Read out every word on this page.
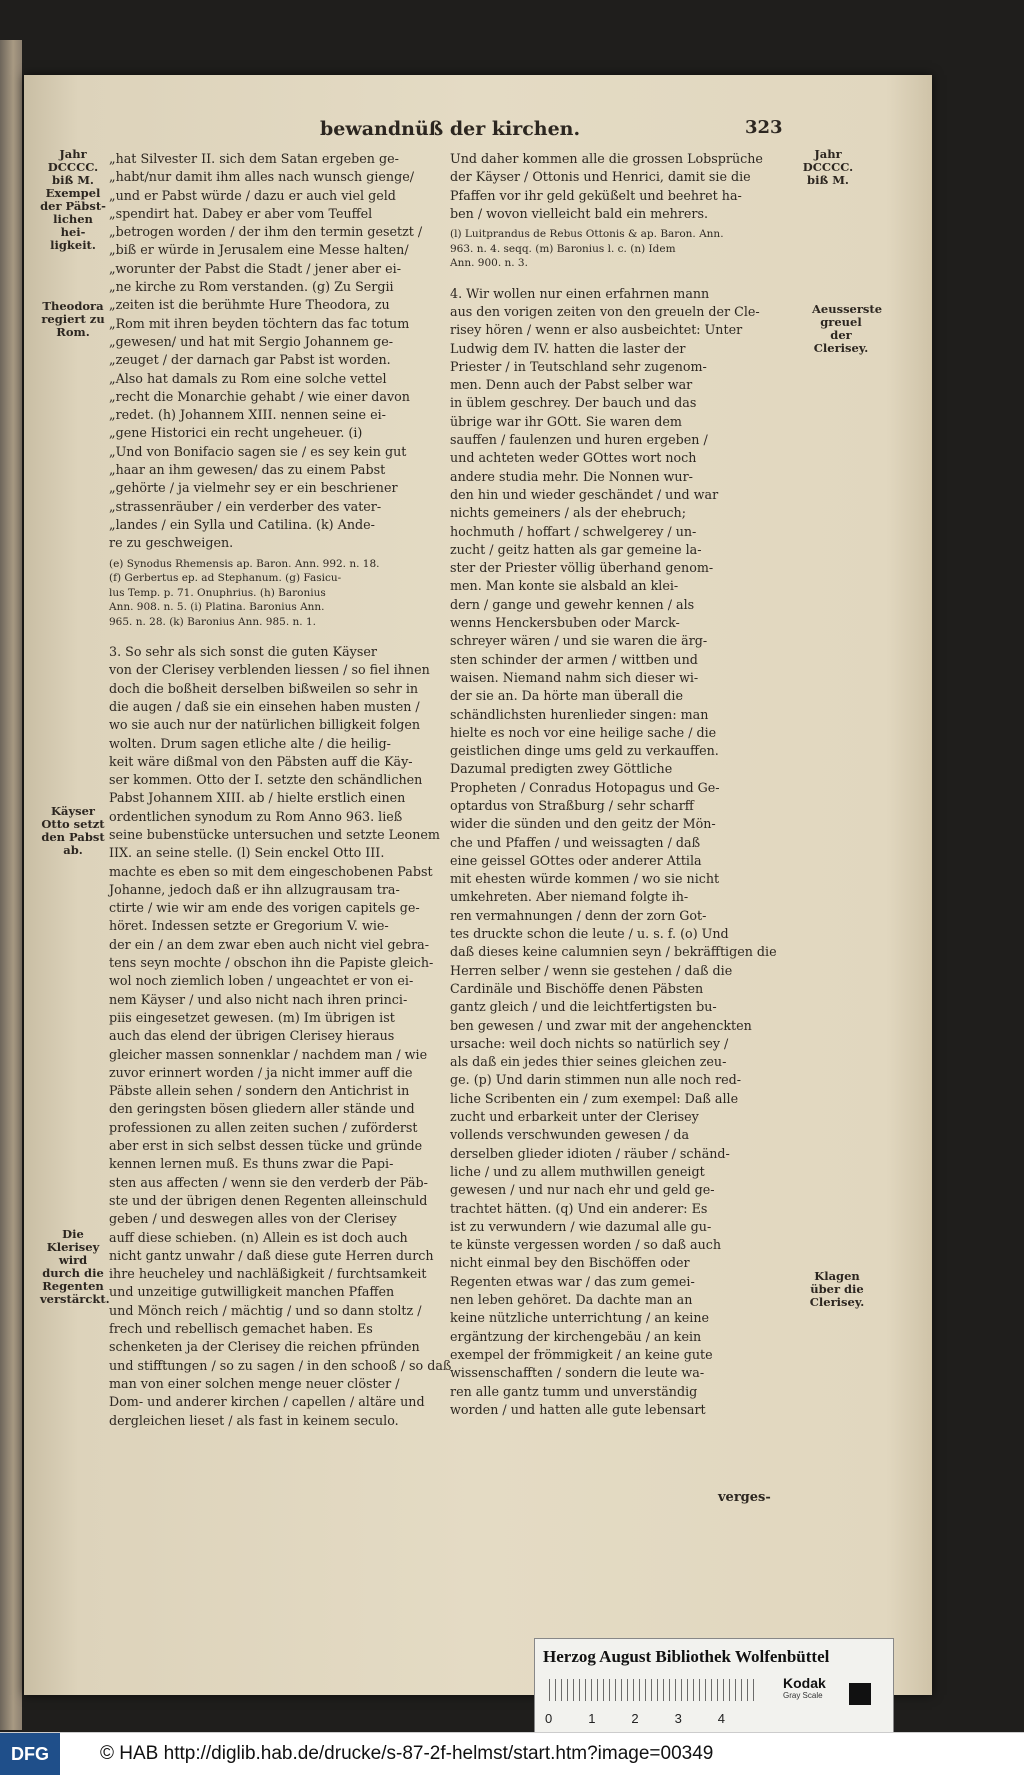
bewandnüß der kirchen.	323
Jahr DCCCC. biß M. Exempel der Päbst- lichen hei- ligkeit.
Theodora regiert zu Rom.
Käyser Otto setzt den Pabst ab.
Die Klerisey wird durch die Regenten verstärckt.
Jahr DCCCC. biß M.
Aeusserste greuel der Clerisey.
Klagen über die Clerisey.

„hat Silvester II. sich dem Satan ergeben ge-

„habt/nur damit ihm alles nach wunsch gienge/

„und er Pabst würde / dazu er auch viel geld

„spendirt hat. Dabey er aber vom Teuffel

„betrogen worden / der ihm den termin gesetzt /

„biß er würde in Jerusalem eine Messe halten/

„worunter der Pabst die Stadt / jener aber ei-

„ne kirche zu Rom verstanden. (g) Zu Sergii

„zeiten ist die berühmte Hure Theodora, zu

„Rom mit ihren beyden töchtern das fac totum

„gewesen/ und hat mit Sergio Johannem ge-

„zeuget / der darnach gar Pabst ist worden.

„Also hat damals zu Rom eine solche vettel

„recht die Monarchie gehabt / wie einer davon

„redet. (h) Johannem XIII. nennen seine ei-

„gene Historici ein recht ungeheuer. (i)

„Und von Bonifacio sagen sie / es sey kein gut

„haar an ihm gewesen/ das zu einem Pabst

„gehörte / ja vielmehr sey er ein beschriener

„strassenräuber / ein verderber des vater-

„landes / ein Sylla und Catilina. (k) Ande-

re zu geschweigen.

(e) Synodus Rhemensis ap. Baron. Ann. 992. n. 18.

(f) Gerbertus ep. ad Stephanum. (g) Fasicu-

lus Temp. p. 71. Onuphrius. (h) Baronius

Ann. 908. n. 5. (i) Platina. Baronius Ann.

965. n. 28. (k) Baronius Ann. 985. n. 1.

3. So sehr als sich sonst die guten Käyser

von der Clerisey verblenden liessen / so fiel ihnen

doch die boßheit derselben bißweilen so sehr in

die augen / daß sie ein einsehen haben musten /

wo sie auch nur der natürlichen billigkeit folgen

wolten. Drum sagen etliche alte / die heilig-

keit wäre dißmal von den Päbsten auff die Käy-

ser kommen. Otto der I. setzte den schändlichen

Pabst Johannem XIII. ab / hielte erstlich einen

ordentlichen synodum zu Rom Anno 963. ließ

seine bubenstücke untersuchen und setzte Leonem

IIX. an seine stelle. (l) Sein enckel Otto III.

machte es eben so mit dem eingeschobenen Pabst

Johanne, jedoch daß er ihn allzugrausam tra-

ctirte / wie wir am ende des vorigen capitels ge-

höret. Indessen setzte er Gregorium V. wie-

der ein / an dem zwar eben auch nicht viel gebra-

tens seyn mochte / obschon ihn die Papiste gleich-

wol noch ziemlich loben / ungeachtet er von ei-

nem Käyser / und also nicht nach ihren princi-

piis eingesetzet gewesen. (m) Im übrigen ist

auch das elend der übrigen Clerisey hieraus

gleicher massen sonnenklar / nachdem man / wie

zuvor erinnert worden / ja nicht immer auff die

Päbste allein sehen / sondern den Antichrist in

den geringsten bösen gliedern aller stände und

professionen zu allen zeiten suchen / zuförderst

aber erst in sich selbst dessen tücke und gründe

kennen lernen muß. Es thuns zwar die Papi-

sten aus affecten / wenn sie den verderb der Päb-

ste und der übrigen denen Regenten alleinschuld

geben / und deswegen alles von der Clerisey

auff diese schieben. (n) Allein es ist doch auch

nicht gantz unwahr / daß diese gute Herren durch

ihre heucheley und nachläßigkeit / furchtsamkeit

und unzeitige gutwilligkeit manchen Pfaffen

und Mönch reich / mächtig / und so dann stoltz /

frech und rebellisch gemachet haben. Es

schenketen ja der Clerisey die reichen pfründen

und stifftungen / so zu sagen / in den schooß / so daß

man von einer solchen menge neuer clöster /

Dom- und anderer kirchen / capellen / altäre und

dergleichen lieset / als fast in keinem seculo.

Und daher kommen alle die grossen Lobsprüche

der Käyser / Ottonis und Henrici, damit sie die

Pfaffen vor ihr geld geküßelt und beehret ha-

ben / wovon vielleicht bald ein mehrers.

(l) Luitprandus de Rebus Ottonis & ap. Baron. Ann.

963. n. 4. seqq. (m) Baronius l. c. (n) Idem

Ann. 900. n. 3.

4. Wir wollen nur einen erfahrnen mann

aus den vorigen zeiten von den greueln der Cle-

risey hören / wenn er also ausbeichtet: Unter

Ludwig dem IV. hatten die laster der

Priester / in Teutschland sehr zugenom-

men. Denn auch der Pabst selber war

in üblem geschrey. Der bauch und das

übrige war ihr GOtt. Sie waren dem

sauffen / faulenzen und huren ergeben /

und achteten weder GOttes wort noch

andere studia mehr. Die Nonnen wur-

den hin und wieder geschändet / und war

nichts gemeiners / als der ehebruch;

hochmuth / hoffart / schwelgerey / un-

zucht / geitz hatten als gar gemeine la-

ster der Priester völlig überhand genom-

men. Man konte sie alsbald an klei-

dern / gange und gewehr kennen / als

wenns Henckersbuben oder Marck-

schreyer wären / und sie waren die ärg-

sten schinder der armen / wittben und

waisen. Niemand nahm sich dieser wi-

der sie an. Da hörte man überall die

schändlichsten hurenlieder singen: man

hielte es noch vor eine heilige sache / die

geistlichen dinge ums geld zu verkauffen.

Dazumal predigten zwey Göttliche

Propheten / Conradus Hotopagus und Ge-

optardus von Straßburg / sehr scharff

wider die sünden und den geitz der Mön-

che und Pfaffen / und weissagten / daß

eine geissel GOttes oder anderer Attila

mit ehesten würde kommen / wo sie nicht

umkehreten. Aber niemand folgte ih-

ren vermahnungen / denn der zorn Got-

tes druckte schon die leute / u. s. f. (o) Und

daß dieses keine calumnien seyn / bekräfftigen die

Herren selber / wenn sie gestehen / daß die

Cardinäle und Bischöffe denen Päbsten

gantz gleich / und die leichtfertigsten bu-

ben gewesen / und zwar mit der angehenckten

ursache: weil doch nichts so natürlich sey /

als daß ein jedes thier seines gleichen zeu-

ge. (p) Und darin stimmen nun alle noch red-

liche Scribenten ein / zum exempel: Daß alle

zucht und erbarkeit unter der Clerisey

vollends verschwunden gewesen / da

derselben glieder idioten / räuber / schänd-

liche / und zu allem muthwillen geneigt

gewesen / und nur nach ehr und geld ge-

trachtet hätten. (q) Und ein anderer: Es

ist zu verwundern / wie dazumal alle gu-

te künste vergessen worden / so daß auch

nicht einmal bey den Bischöffen oder

Regenten etwas war / das zum gemei-

nen leben gehöret. Da dachte man an

keine nützliche unterrichtung / an keine

ergäntzung der kirchengebäu / an kein

exempel der frömmigkeit / an keine gute

wissenschafften / sondern die leute wa-

ren alle gantz tumm und unverständig

worden / und hatten alle gute lebensart

verges-
Herzog August Bibliothek Wolfenbüttel
0	1	2	3	4
Kodak
Gray Scale
DFG	© HAB http://diglib.hab.de/drucke/s-87-2f-helmst/start.htm?image=00349
